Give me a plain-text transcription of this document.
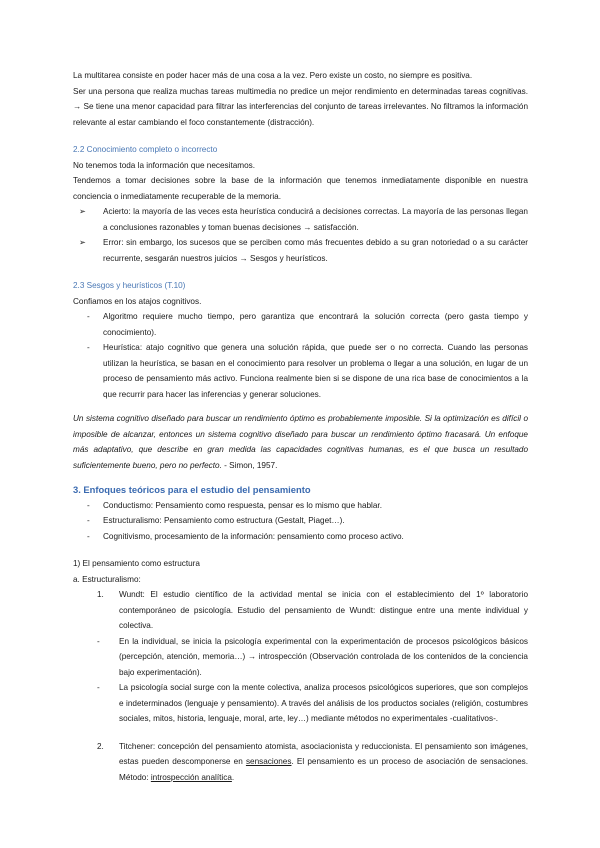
La multitarea consiste en poder hacer más de una cosa a la vez. Pero existe un costo, no siempre es positiva.

Ser una persona que realiza muchas tareas multimedia no predice un mejor rendimiento en determinadas tareas cognitivas. → Se tiene una menor capacidad para filtrar las interferencias del conjunto de tareas irrelevantes. No filtramos la información relevante al estar cambiando el foco constantemente (distracción).

2.2 Conocimiento completo o incorrecto

No tenemos toda la información que necesitamos.

Tendemos a tomar decisiones sobre la base de la información que tenemos inmediatamente disponible en nuestra conciencia o inmediatamente recuperable de la memoria.

➢ Acierto: la mayoría de las veces esta heurística conducirá a decisiones correctas. La mayoría de las personas llegan a conclusiones razonables y toman buenas decisiones → satisfacción.
➢ Error: sin embargo, los sucesos que se perciben como más frecuentes debido a su gran notoriedad o a su carácter recurrente, sesgarán nuestros juicios → Sesgos y heurísticos.

2.3 Sesgos y heurísticos (T.10)

Confiamos en los atajos cognitivos.

- Algoritmo requiere mucho tiempo, pero garantiza que encontrará la solución correcta (pero gasta tiempo y conocimiento).
- Heurística: atajo cognitivo que genera una solución rápida, que puede ser o no correcta. Cuando las personas utilizan la heurística, se basan en el conocimiento para resolver un problema o llegar a una solución, en lugar de un proceso de pensamiento más activo. Funciona realmente bien si se dispone de una rica base de conocimientos a la que recurrir para hacer las inferencias y generar soluciones.

Un sistema cognitivo diseñado para buscar un rendimiento óptimo es probablemente imposible. Si la optimización es difícil o imposible de alcanzar, entonces un sistema cognitivo diseñado para buscar un rendimiento óptimo fracasará. Un enfoque más adaptativo, que describe en gran medida las capacidades cognitivas humanas, es el que busca un resultado suficientemente bueno, pero no perfecto. - Simon, 1957.

3. Enfoques teóricos para el estudio del pensamiento

- Conductismo: Pensamiento como respuesta, pensar es lo mismo que hablar.
- Estructuralismo: Pensamiento como estructura (Gestalt, Piaget…).
- Cognitivismo, procesamiento de la información: pensamiento como proceso activo.

1) El pensamiento como estructura

a. Estructuralismo:

1. Wundt: El estudio científico de la actividad mental se inicia con el establecimiento del 1º laboratorio contemporáneo de psicología. Estudio del pensamiento de Wundt: distingue entre una mente individual y colectiva.
- En la individual, se inicia la psicología experimental con la experimentación de procesos psicológicos básicos (percepción, atención, memoria…) → introspección (Observación controlada de los contenidos de la conciencia bajo experimentación).
- La psicología social surge con la mente colectiva, analiza procesos psicológicos superiores, que son complejos e indeterminados (lenguaje y pensamiento). A través del análisis de los productos sociales (religión, costumbres sociales, mitos, historia, lenguaje, moral, arte, ley…) mediante métodos no experimentales -cualitativos-.
2. Titchener: concepción del pensamiento atomista, asociacionista y reduccionista. El pensamiento son imágenes, estas pueden descomponerse en sensaciones. El pensamiento es un proceso de asociación de sensaciones. Método: introspección analítica.
